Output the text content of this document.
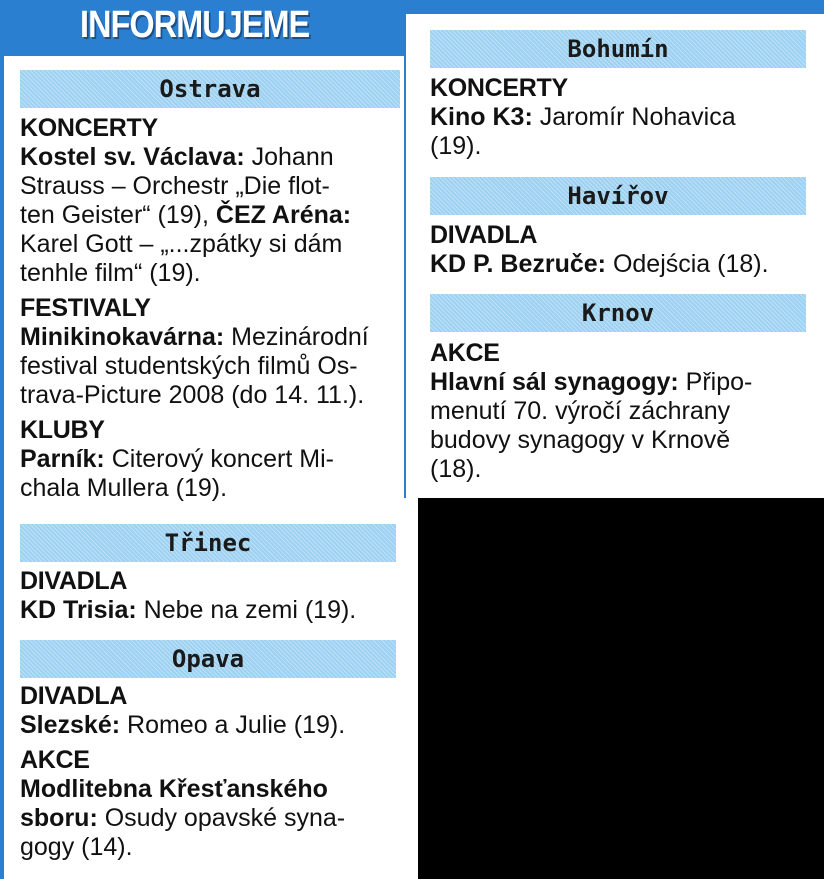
INFORMUJEME
Ostrava
Třinec
Opava
Bohumín
Havířov
Krnov
KONCERTY
Kostel sv. Václava: Johann
Strauss – Orchestr „Die flot-
ten Geister“ (19), ČEZ Aréna:
Karel Gott – „...zpátky si dám
tenhle film“ (19).
FESTIVALY
Minikinokavárna: Mezinárodní
festival studentských filmů Os-
trava-Picture 2008 (do 14. 11.).
KLUBY
Parník: Citerový koncert Mi-
chala Mullera (19).
DIVADLA
KD Trisia: Nebe na zemi (19).
DIVADLA
Slezské: Romeo a Julie (19).
AKCE
Modlitebna Křesťanského
sboru: Osudy opavské syna-
gogy (14).
KONCERTY
Kino K3: Jaromír Nohavica
(19).
DIVADLA
KD P. Bezruče: Odejścia (18).
AKCE
Hlavní sál synagogy: Připo-
menutí 70. výročí záchrany
budovy synagogy v Krnově
(18).
